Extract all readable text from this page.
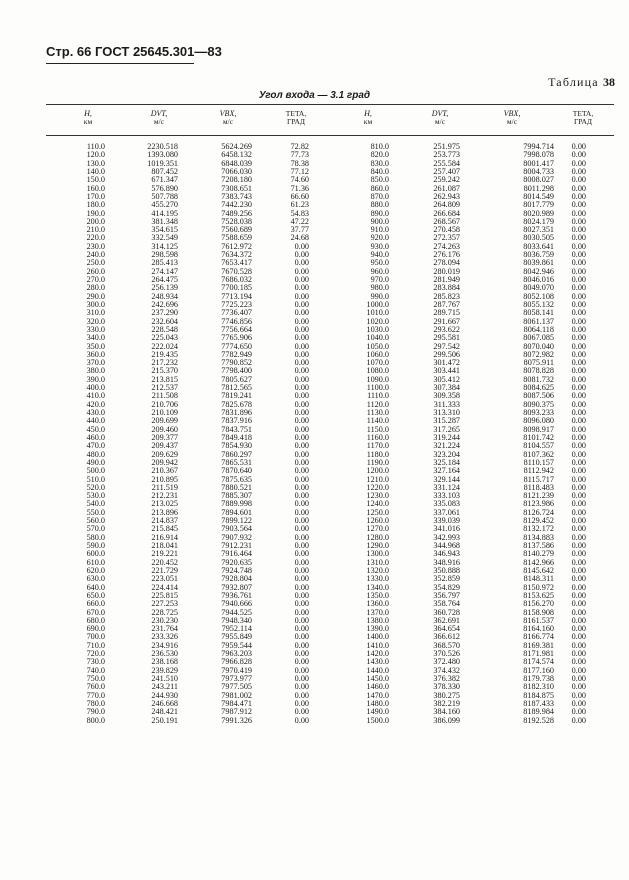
Стр. 66 ГОСТ 25645.301—83
Таблица 38
Угол входа — 3.1 град
H,
км
DVT,
м/с
VBX,
м/с
TETA,
ГРАД
H,
км
DVT,
м/с
VBX,
м/с
TETA,
ГРАД
110.0	2230.518	5624.269	72.82	810.0	251.975	7994.714 0.00
120.0	1393.080	6458.132	77.73	820.0	253.773	7998.078 0.00
130.0	1019.351	6848.039	78.38	830.0	255.584	8001.417 0.00
140.0	807.452	7066.030	77.12	840.0	257.407	8004.733 0.00
150.0	671.347	7208.180	74.60	850.0	259.242	8008.027 0.00
160.0	576.890	7308.651	71.36	860.0	261.087	8011.298 0.00
170.0	507.788	7383.743	66.60	870.0	262.943	8014.549 0.00
180.0	455.270	7442.230	61.23	880.0	264.809	8017.779 0.00
190.0	414.195	7489.256	54.83	890.0	266.684	8020.989 0.00
200.0	381.348	7528.038	47.22	900.0	268.567	8024.179 0.00
210.0	354.615	7560.689	37.77	910.0	270.458	8027.351 0.00
220.0	332.549	7588.659	24.68	920.0	272.357	8030.505 0.00
230.0	314.125	7612.972	0.00	930.0	274.263	8033.641 0.00
240.0	298.598	7634.372	0.00	940.0	276.176	8036.759 0.00
250.0	285.413	7653.417	0.00	950.0	278.094	8039.861 0.00
260.0	274.147	7670.528	0.00	960.0	280.019	8042.946 0.00
270.0	264.475	7686.032	0.00	970.0	281.949	8046.016 0.00
280.0	256.139	7700.185	0.00	980.0	283.884	8049.070 0.00
290.0	248.934	7713.194	0.00	990.0	285.823	8052.108 0.00
300.0	242.696	7725.223	0.00	1000.0	287.767	8055.132 0.00
310.0	237.290	7736.407	0.00	1010.0	289.715	8058.141 0.00
320.0	232.604	7746.856	0.00	1020.0	291.667	8061.137 0.00
330.0	228.548	7756.664	0.00	1030.0	293.622	8064.118 0.00
340.0	225.043	7765.906	0.00	1040.0	295.581	8067.085 0.00
350.0	222.024	7774.650	0.00	1050.0	297.542	8070.040 0.00
360.0	219.435	7782.949	0.00	1060.0	299.506	8072.982 0.00
370.0	217.232	7790.852	0.00	1070.0	301.472	8075.911 0.00
380.0	215.370	7798.400	0.00	1080.0	303.441	8078.828 0.00
390.0	213.815	7805.627	0.00	1090.0	305.412	8081.732 0.00
400.0	212.537	7812.565	0.00	1100.0	307.384	8084.625 0.00
410.0	211.508	7819.241	0.00	1110.0	309.358	8087.506 0.00
420.0	210.706	7825.678	0.00	1120.0	311.333	8090.375 0.00
430.0	210.109	7831.896	0.00	1130.0	313.310	8093.233 0.00
440.0	209.699	7837.916	0.00	1140.0	315.287	8096.080 0.00
450.0	209.460	7843.751	0.00	1150.0	317.265	8098.917 0.00
460.0	209.377	7849.418	0.00	1160.0	319.244	8101.742 0.00
470.0	209.437	7854.930	0.00	1170.0	321.224	8104.557 0.00
480.0	209.629	7860.297	0.00	1180.0	323.204	8107.362 0.00
490.0	209.942	7865.531	0.00	1190.0	325.184	8110.157 0.00
500.0	210.367	7870.640	0.00	1200.0	327.164	8112.942 0.00
510.0	210.895	7875.635	0.00	1210.0	329.144	8115.717 0.00
520.0	211.519	7880.521	0.00	1220.0	331.124	8118.483 0.00
530.0	212.231	7885.307	0.00	1230.0	333.103	8121.239 0.00
540.0	213.025	7889.998	0.00	1240.0	335.083	8123.986 0.00
550.0	213.896	7894.601	0.00	1250.0	337.061	8126.724 0.00
560.0	214.837	7899.122	0.00	1260.0	339.039	8129.452 0.00
570.0	215.845	7903.564	0.00	1270.0	341.016	8132.172 0.00
580.0	216.914	7907.932	0.00	1280.0	342.993	8134.883 0.00
590.0	218.041	7912.231	0.00	1290.0	344.968	8137.586 0.00
600.0	219.221	7916.464	0.00	1300.0	346.943	8140.279 0.00
610.0	220.452	7920.635	0.00	1310.0	348.916	8142.966 0.00
620.0	221.729	7924.748	0.00	1320.0	350.888	8145.642 0.00
630.0	223.051	7928.804	0.00	1330.0	352.859	8148.311 0.00
640.0	224.414	7932.807	0.00	1340.0	354.829	8150.972 0.00
650.0	225.815	7936.761	0.00	1350.0	356.797	8153.625 0.00
660.0	227.253	7940.666	0.00	1360.0	358.764	8156.270 0.00
670.0	228.725	7944.525	0.00	1370.0	360.728	8158.908 0.00
680.0	230.230	7948.340	0.00	1380.0	362.691	8161.537 0.00
690.0	231.764	7952.114	0.00	1390.0	364.654	8164.160 0.00
700.0	233.326	7955.849	0.00	1400.0	366.612	8166.774 0.00
710.0	234.916	7959.544	0.00	1410.0	368.570	8169.381 0.00
720.0	236.530	7963.203	0.00	1420.0	370.526	8171.981 0.00
730.0	238.168	7966.828	0.00	1430.0	372.480	8174.574 0.00
740.0	239.829	7970.419	0.00	1440.0	374.432	8177.160 0.00
750.0	241.510	7973.977	0.00	1450.0	376.382	8179.738 0.00
760.0	243.211	7977.505	0.00	1460.0	378.330	8182.310 0.00
770.0	244.930	7981.002	0.00	1470.0	380.275	8184.875 0.00
780.0	246.668	7984.471	0.00	1480.0	382.219	8187.433 0.00
790.0	248.421	7987.912	0.00	1490.0	384.160	8189.984 0.00
800.0	250.191	7991.326	0.00	1500.0	386.099	8192.528 0.00
